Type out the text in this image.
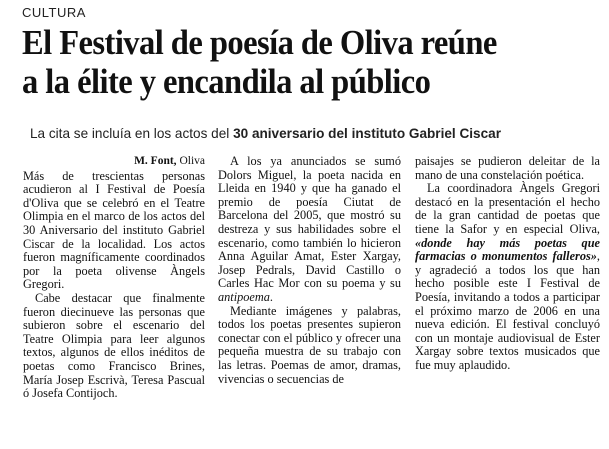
CULTURA
El Festival de poesía de Oliva reúne
a la élite y encandila al público
La cita se incluía en los actos del 30 aniversario del instituto Gabriel Ciscar
M. Font, Oliva

Más de trescientas personas acudieron al I Festival de Poesía d'Oliva que se celebró en el Teatre Olimpia en el marco de los actos del 30 Aniversario del instituto Gabriel Ciscar de la localidad. Los actos fueron magníficamente coordinados por la poeta olivense Àngels Gregori.

Cabe destacar que finalmente fueron diecinueve las personas que subieron sobre el escenario del Teatre Olimpia para leer algunos textos, algunos de ellos inéditos de poetas como Francisco Brines, María Josep Escrivà, Teresa Pascual ó Josefa Contijoch.

A los ya anunciados se sumó Dolors Miguel, la poeta nacida en Lleida en 1940 y que ha ganado el premio de poesía Ciutat de Barcelona del 2005, que mostró su destreza y sus habilidades sobre el escenario, como también lo hicieron Anna Aguilar Amat, Ester Xargay, Josep Pedrals, David Castillo o Carles Hac Mor con su poema y su antipoema.

Mediante imágenes y palabras, todos los poetas presentes supieron conectar con el público y ofrecer una pequeña muestra de su trabajo con las letras. Poemas de amor, dramas, vivencias o secuencias de

paisajes se pudieron deleitar de la mano de una constelación poética.

La coordinadora Àngels Gregori destacó en la presentación el hecho de la gran cantidad de poetas que tiene la Safor y en especial Oliva, «donde hay más poetas que farmacias o monumentos falleros», y agradeció a todos los que han hecho posible este I Festival de Poesía, invitando a todos a participar el próximo marzo de 2006 en una nueva edición. El festival concluyó con un montaje audiovisual de Ester Xargay sobre textos musicados que fue muy aplaudido.
